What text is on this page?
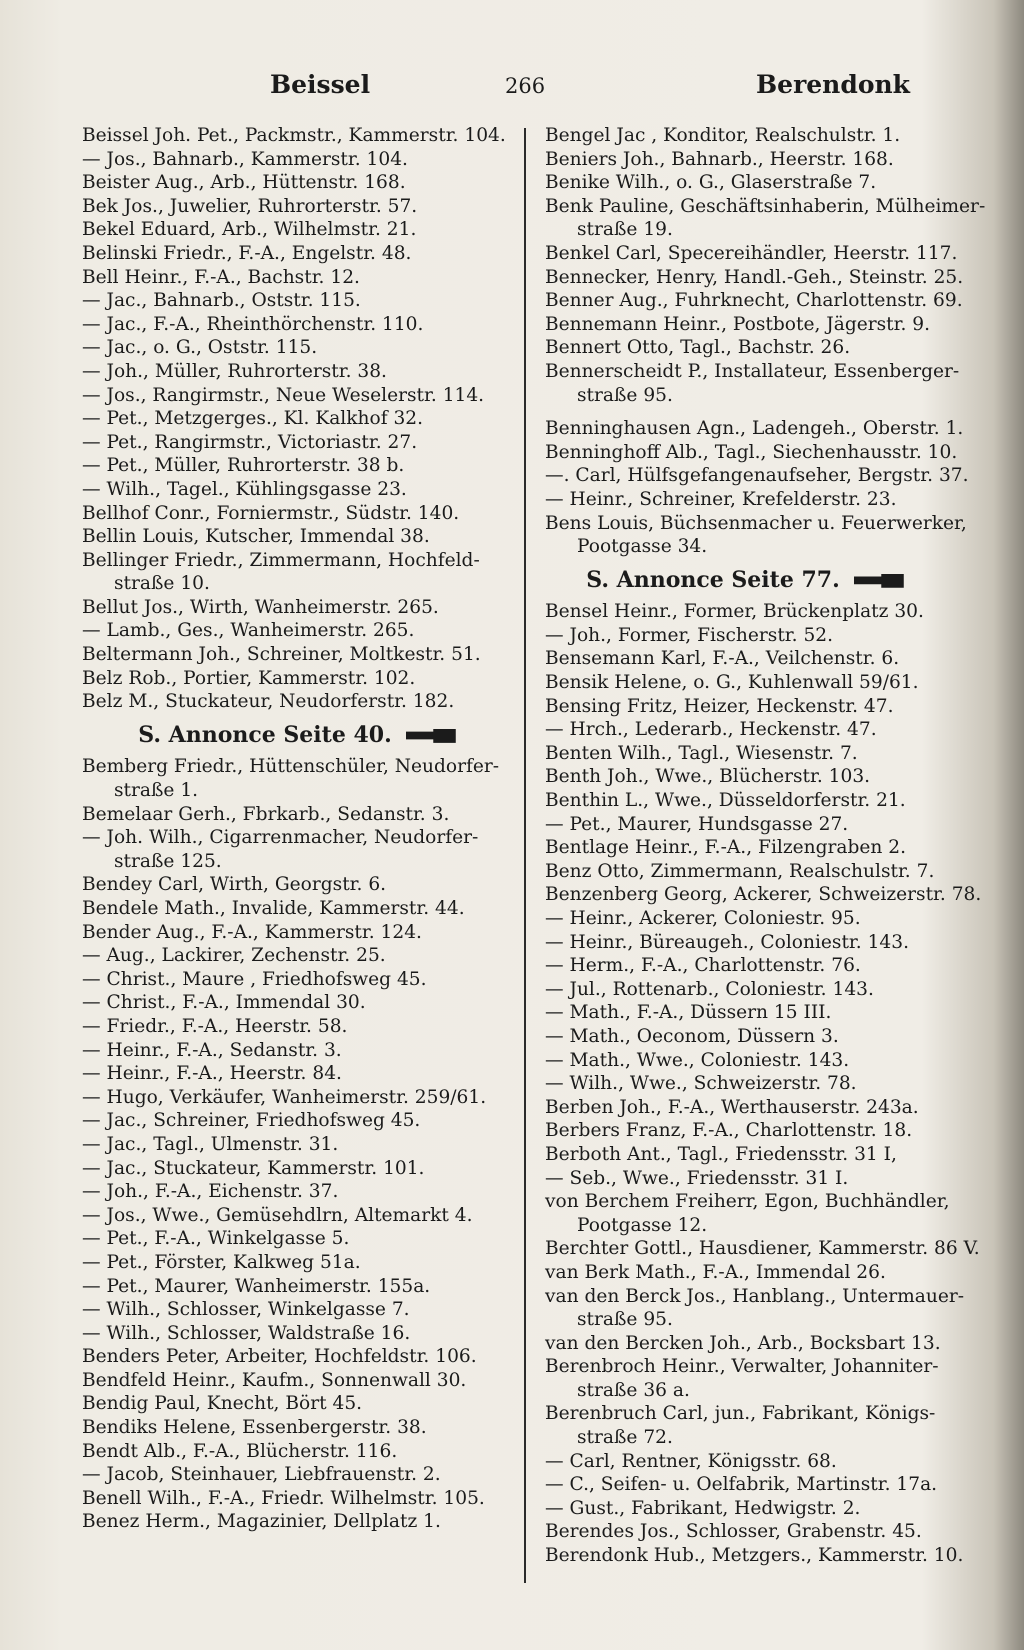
Beissel	266	Berendonk
Beissel Joh. Pet., Packmstr., Kammerstr. 104.
— Jos., Bahnarb., Kammerstr. 104.
Beister Aug., Arb., Hüttenstr. 168.
Bek Jos., Juwelier, Ruhrorterstr. 57.
Bekel Eduard, Arb., Wilhelmstr. 21.
Belinski Friedr., F.-A., Engelstr. 48.
Bell Heinr., F.-A., Bachstr. 12.
— Jac., Bahnarb., Oststr. 115.
— Jac., F.-A., Rheinthörchenstr. 110.
— Jac., o. G., Oststr. 115.
— Joh., Müller, Ruhrorterstr. 38.
— Jos., Rangirmstr., Neue Weselerstr. 114.
— Pet., Metzgerges., Kl. Kalkhof 32.
— Pet., Rangirmstr., Victoriastr. 27.
— Pet., Müller, Ruhrorterstr. 38 b.
— Wilh., Tagel., Kühlingsgasse 23.
Bellhof Conr., Forniermstr., Südstr. 140.
Bellin Louis, Kutscher, Immendal 38.
Bellinger Friedr., Zimmermann, Hochfeld-
straße 10.
Bellut Jos., Wirth, Wanheimerstr. 265.
— Lamb., Ges., Wanheimerstr. 265.
Beltermann Joh., Schreiner, Moltkestr. 51.
Belz Rob., Portier, Kammerstr. 102.
Belz M., Stuckateur, Neudorferstr. 182.
S. Annonce Seite 40.
Bemberg Friedr., Hüttenschüler, Neudorfer-
straße 1.
Bemelaar Gerh., Fbrkarb., Sedanstr. 3.
— Joh. Wilh., Cigarrenmacher, Neudorfer-
straße 125.
Bendey Carl, Wirth, Georgstr. 6.
Bendele Math., Invalide, Kammerstr. 44.
Bender Aug., F.-A., Kammerstr. 124.
— Aug., Lackirer, Zechenstr. 25.
— Christ., Maure , Friedhofsweg 45.
— Christ., F.-A., Immendal 30.
— Friedr., F.-A., Heerstr. 58.
— Heinr., F.-A., Sedanstr. 3.
— Heinr., F.-A., Heerstr. 84.
— Hugo, Verkäufer, Wanheimerstr. 259/61.
— Jac., Schreiner, Friedhofsweg 45.
— Jac., Tagl., Ulmenstr. 31.
— Jac., Stuckateur, Kammerstr. 101.
— Joh., F.-A., Eichenstr. 37.
— Jos., Wwe., Gemüsehdlrn, Altemarkt 4.
— Pet., F.-A., Winkelgasse 5.
— Pet., Förster, Kalkweg 51a.
— Pet., Maurer, Wanheimerstr. 155a.
— Wilh., Schlosser, Winkelgasse 7.
— Wilh., Schlosser, Waldstraße 16.
Benders Peter, Arbeiter, Hochfeldstr. 106.
Bendfeld Heinr., Kaufm., Sonnenwall 30.
Bendig Paul, Knecht, Bört 45.
Bendiks Helene, Essenbergerstr. 38.
Bendt Alb., F.-A., Blücherstr. 116.
— Jacob, Steinhauer, Liebfrauenstr. 2.
Benell Wilh., F.-A., Friedr. Wilhelmstr. 105.
Benez Herm., Magazinier, Dellplatz 1.
Bengel Jac , Konditor, Realschulstr. 1.
Beniers Joh., Bahnarb., Heerstr. 168.
Benike Wilh., o. G., Glaserstraße 7.
Benk Pauline, Geschäftsinhaberin, Mülheimer-
straße 19.
Benkel Carl, Specereihändler, Heerstr. 117.
Bennecker, Henry, Handl.-Geh., Steinstr. 25.
Benner Aug., Fuhrknecht, Charlottenstr. 69.
Bennemann Heinr., Postbote, Jägerstr. 9.
Bennert Otto, Tagl., Bachstr. 26.
Bennerscheidt P., Installateur, Essenberger-
straße 95.
Benninghausen Agn., Ladengeh., Oberstr. 1.
Benninghoff Alb., Tagl., Siechenhausstr. 10.
—. Carl, Hülfsgefangenaufseher, Bergstr. 37.
— Heinr., Schreiner, Krefelderstr. 23.
Bens Louis, Büchsenmacher u. Feuerwerker,
Pootgasse 34.
S. Annonce Seite 77.
Bensel Heinr., Former, Brückenplatz 30.
— Joh., Former, Fischerstr. 52.
Bensemann Karl, F.-A., Veilchenstr. 6.
Bensik Helene, o. G., Kuhlenwall 59/61.
Bensing Fritz, Heizer, Heckenstr. 47.
— Hrch., Lederarb., Heckenstr. 47.
Benten Wilh., Tagl., Wiesenstr. 7.
Benth Joh., Wwe., Blücherstr. 103.
Benthin L., Wwe., Düsseldorferstr. 21.
— Pet., Maurer, Hundsgasse 27.
Bentlage Heinr., F.-A., Filzengraben 2.
Benz Otto, Zimmermann, Realschulstr. 7.
Benzenberg Georg, Ackerer, Schweizerstr. 78.
— Heinr., Ackerer, Coloniestr. 95.
— Heinr., Büreaugeh., Coloniestr. 143.
— Herm., F.-A., Charlottenstr. 76.
— Jul., Rottenarb., Coloniestr. 143.
— Math., F.-A., Düssern 15 III.
— Math., Oeconom, Düssern 3.
— Math., Wwe., Coloniestr. 143.
— Wilh., Wwe., Schweizerstr. 78.
Berben Joh., F.-A., Werthauserstr. 243a.
Berbers Franz, F.-A., Charlottenstr. 18.
Berboth Ant., Tagl., Friedensstr. 31 I,
— Seb., Wwe., Friedensstr. 31 I.
von Berchem Freiherr, Egon, Buchhändler,
Pootgasse 12.
Berchter Gottl., Hausdiener, Kammerstr. 86 V.
van Berk Math., F.-A., Immendal 26.
van den Berck Jos., Hanblang., Untermauer-
straße 95.
van den Bercken Joh., Arb., Bocksbart 13.
Berenbroch Heinr., Verwalter, Johanniter-
straße 36 a.
Berenbruch Carl, jun., Fabrikant, Königs-
straße 72.
— Carl, Rentner, Königsstr. 68.
— C., Seifen- u. Oelfabrik, Martinstr. 17a.
— Gust., Fabrikant, Hedwigstr. 2.
Berendes Jos., Schlosser, Grabenstr. 45.
Berendonk Hub., Metzgers., Kammerstr. 10.
